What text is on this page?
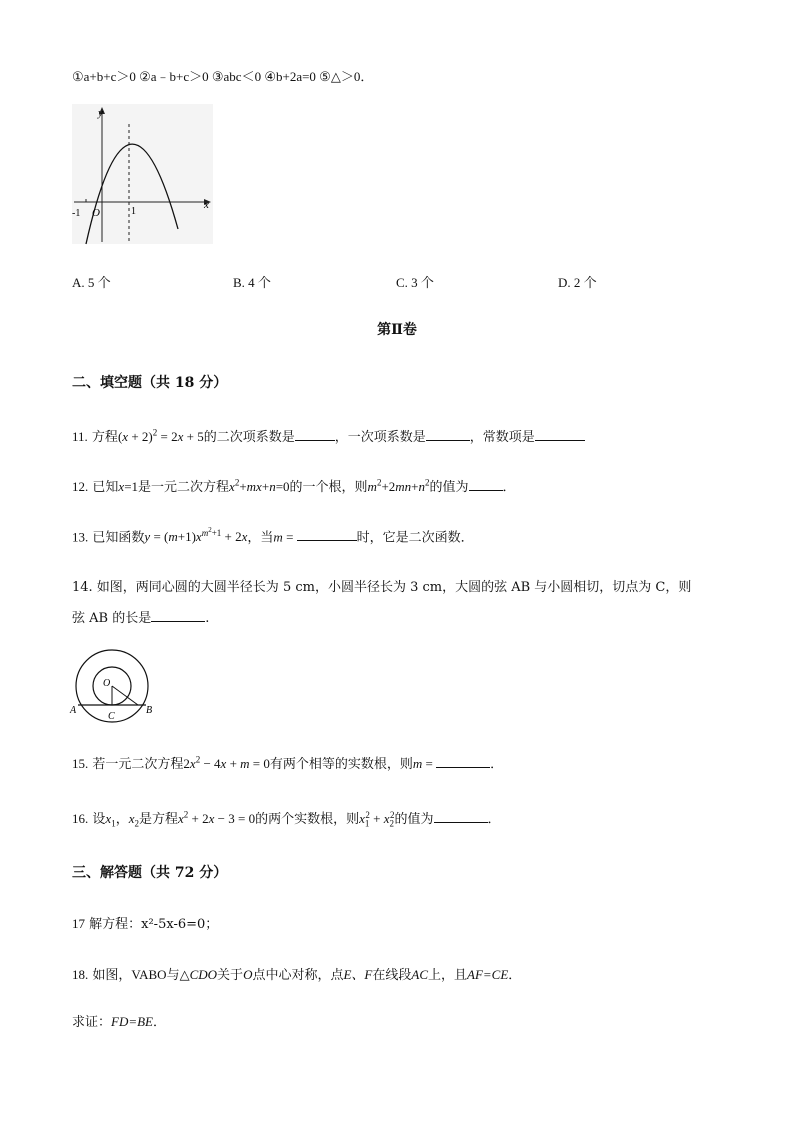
①a+b+c＞0 ②a﹣b+c＞0 ③abc＜0 ④b+2a=0 ⑤△＞0．
y
x
O
-1	1
A. 5 个	B. 4 个	C. 3 个	D. 2 个
第Ⅱ卷
二、填空题（共 18 分）
11. 方程$(x + 2)^2 = 2x + 5$的二次项系数是	，一次项系数是	，常数项是
12. 已知x=1是一元二次方程$x^2+mx+n=0$的一个根，则$m^2+2mn+n^2$的值为	．
13. 已知函数$y = (m+1)x^{m^2+1} + 2x$，当m =	时，它是二次函数．
14. 如图，两同心圆的大圆半径长为 5 cm，小圆半径长为 3 cm，大圆的弦 AB 与小圆相切，切点为 C，则
弦 AB 的长是	.
O
A	B
C
15. 若一元二次方程$2x^2 - 4x + m = 0$有两个相等的实数根，则m =	．
16. 设$x_1$，$x_2$是方程$x^2 + 2x - 3 = 0$的两个实数根，则$x_1^2 + x_2^2$的值为	．
三、解答题（共 72 分）
17 解方程：x²-5x-6=0；
18. 如图，VABO与△CDO关于O点中心对称，点E、F在线段AC上，且AF=CE．
求证：FD=BE．
